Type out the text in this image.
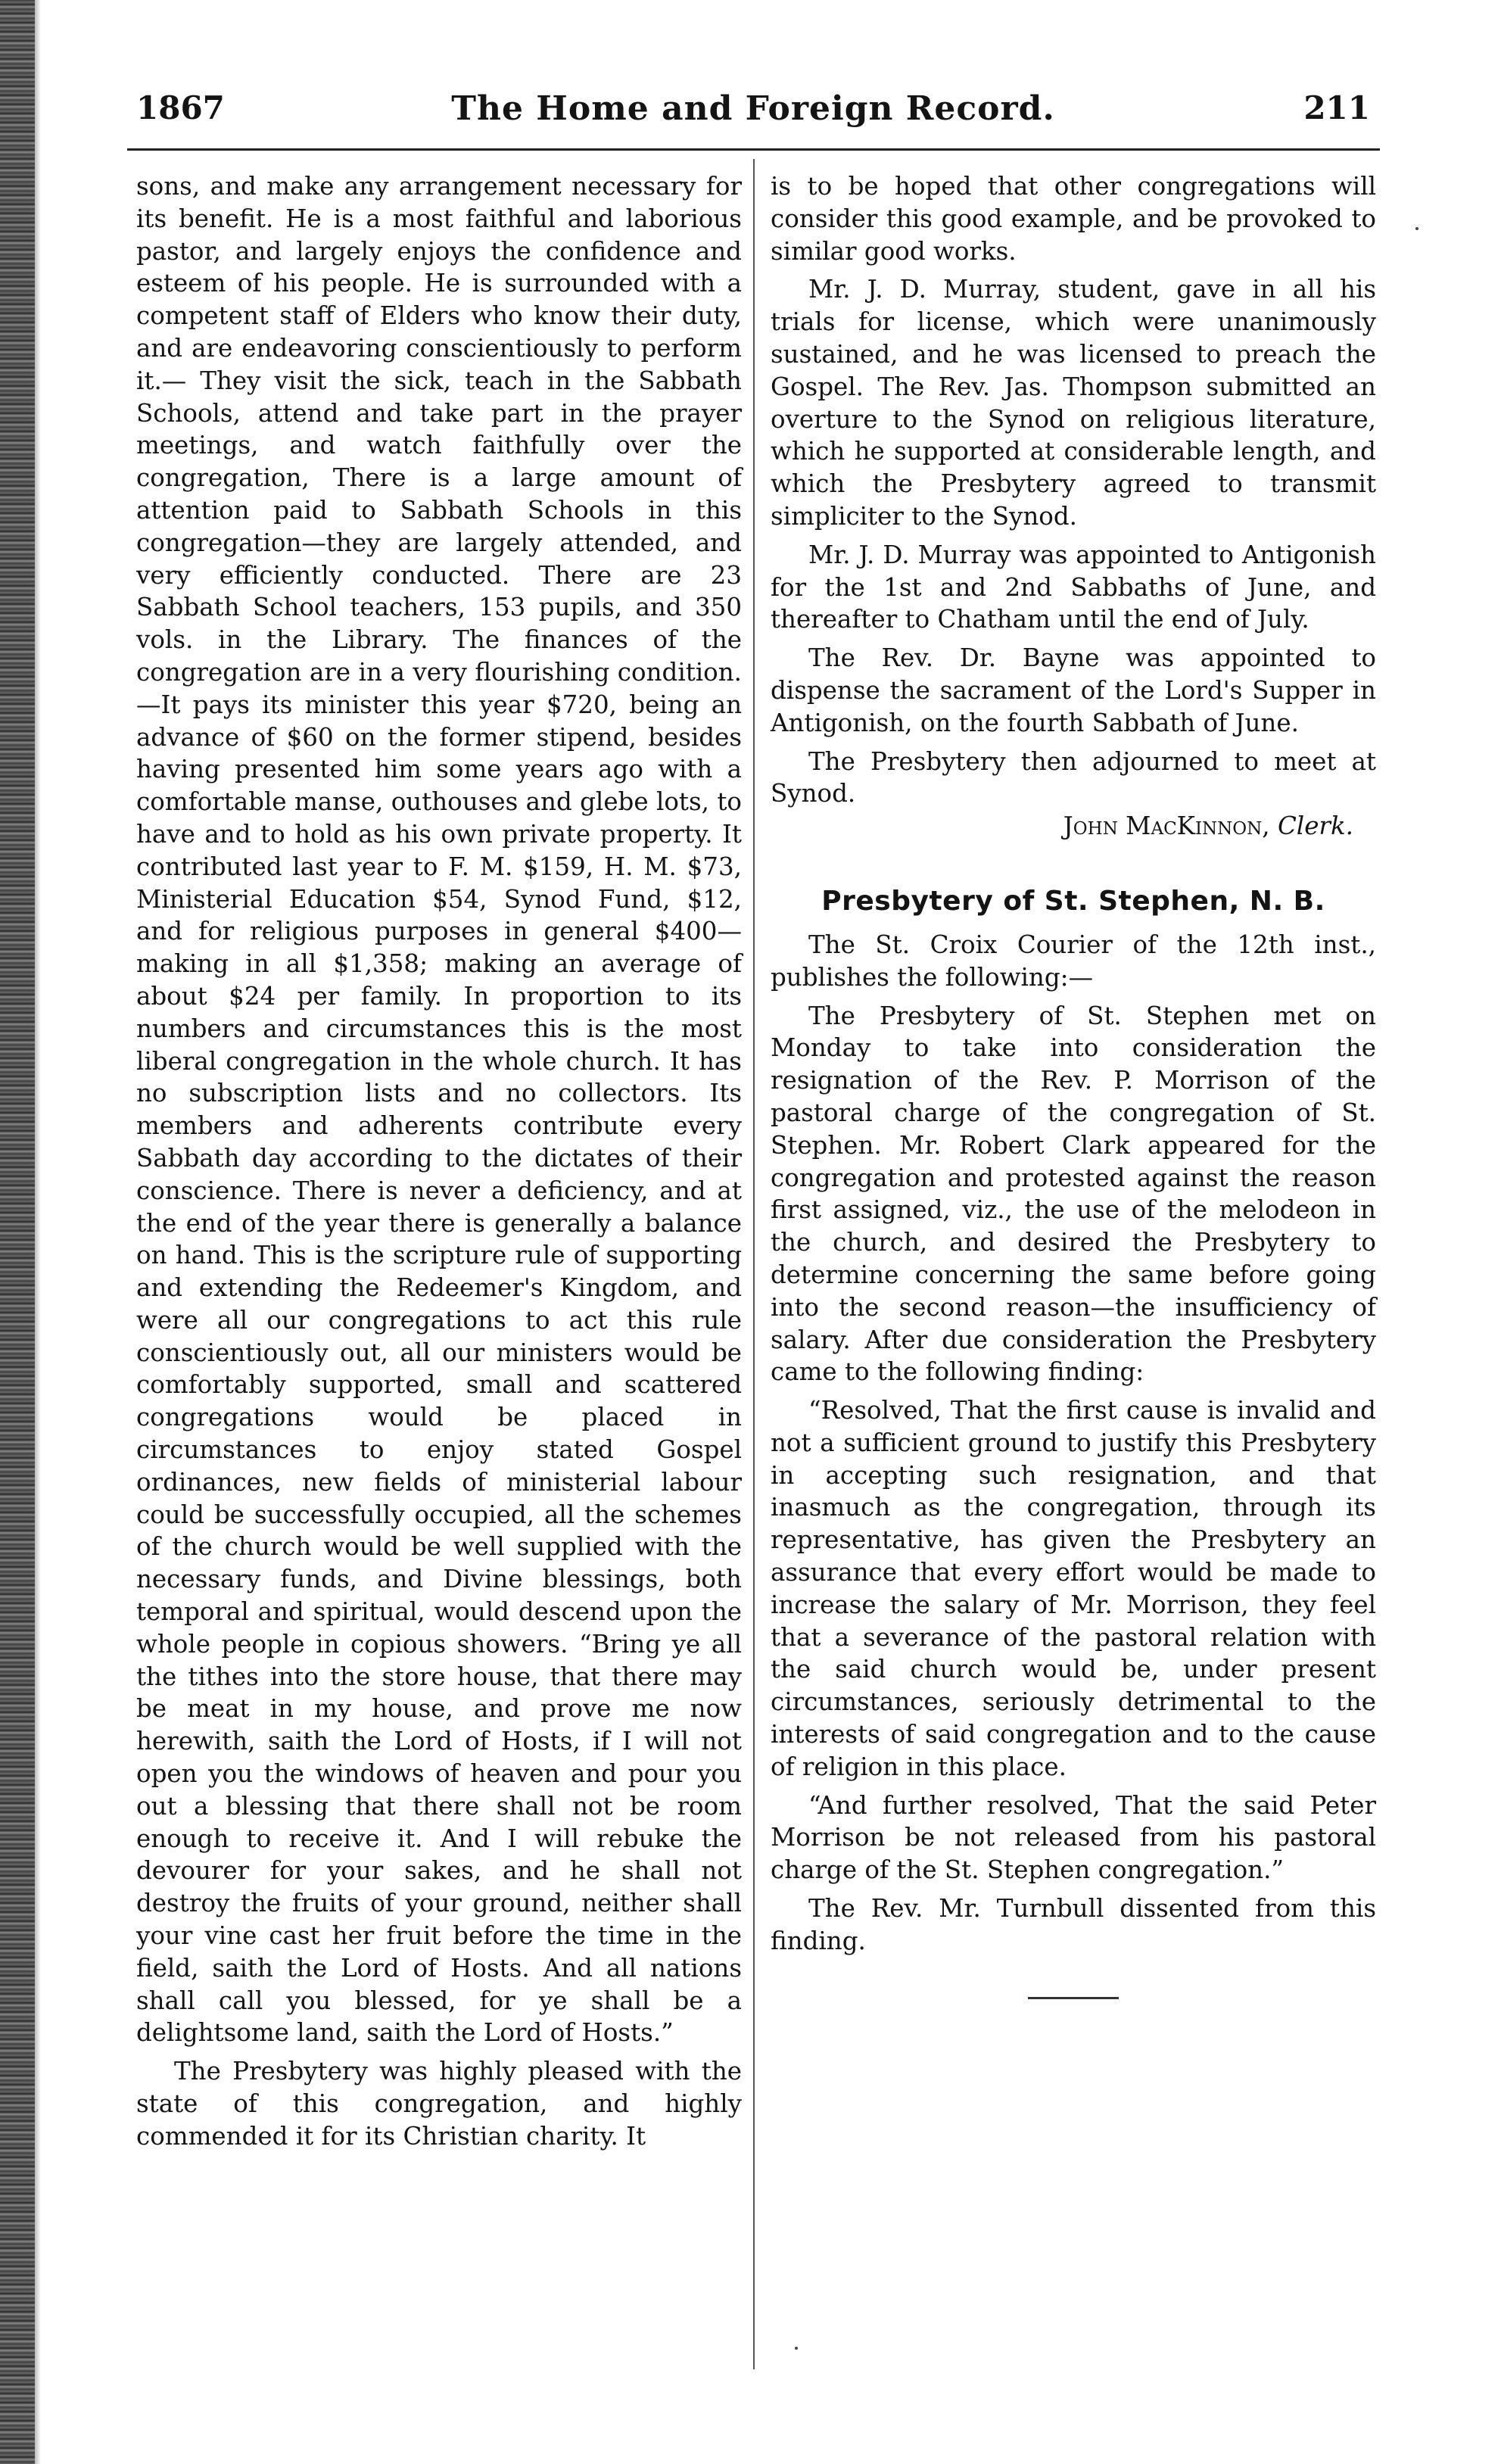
1867	The Home and Foreign Record.	211

sons, and make any arrangement necessary for its benefit. He is a most faithful and laborious pastor, and largely enjoys the confidence and esteem of his people. He is surrounded with a competent staff of Elders who know their duty, and are endeavoring conscientiously to perform it.— They visit the sick, teach in the Sabbath Schools, attend and take part in the prayer meetings, and watch faithfully over the congregation, There is a large amount of attention paid to Sabbath Schools in this congregation—they are largely attended, and very efficiently conducted. There are 23 Sabbath School teachers, 153 pupils, and 350 vols. in the Library. The finances of the congregation are in a very flourishing condition.—It pays its minister this year $720, being an advance of $60 on the former stipend, besides having presented him some years ago with a comfortable manse, outhouses and glebe lots, to have and to hold as his own private property. It contributed last year to F. M. $159, H. M. $73, Ministerial Education $54, Synod Fund, $12, and for religious purposes in general $400—making in all $1,358; making an average of about $24 per family. In proportion to its numbers and circumstances this is the most liberal congregation in the whole church. It has no subscription lists and no collectors. Its members and adherents contribute every Sabbath day according to the dictates of their conscience. There is never a deficiency, and at the end of the year there is generally a balance on hand. This is the scripture rule of supporting and extending the Redeemer's Kingdom, and were all our congregations to act this rule conscientiously out, all our ministers would be comfortably supported, small and scattered congregations would be placed in circumstances to enjoy stated Gospel ordinances, new fields of ministerial labour could be successfully occupied, all the schemes of the church would be well supplied with the necessary funds, and Divine blessings, both temporal and spiritual, would descend upon the whole people in copious showers. “Bring ye all the tithes into the store house, that there may be meat in my house, and prove me now herewith, saith the Lord of Hosts, if I will not open you the windows of heaven and pour you out a blessing that there shall not be room enough to receive it. And I will rebuke the devourer for your sakes, and he shall not destroy the fruits of your ground, neither shall your vine cast her fruit before the time in the field, saith the Lord of Hosts. And all nations shall call you blessed, for ye shall be a delightsome land, saith the Lord of Hosts.”

The Presbytery was highly pleased with the state of this congregation, and highly commended it for its Christian charity. It

is to be hoped that other congregations will consider this good example, and be provoked to similar good works.

Mr. J. D. Murray, student, gave in all his trials for license, which were unanimously sustained, and he was licensed to preach the Gospel. The Rev. Jas. Thompson submitted an overture to the Synod on religious literature, which he supported at considerable length, and which the Presbytery agreed to transmit simpliciter to the Synod.

Mr. J. D. Murray was appointed to Antigonish for the 1st and 2nd Sabbaths of June, and thereafter to Chatham until the end of July.

The Rev. Dr. Bayne was appointed to dispense the sacrament of the Lord's Supper in Antigonish, on the fourth Sabbath of June.

The Presbytery then adjourned to meet at Synod.

John MacKinnon, Clerk.

Presbytery of St. Stephen, N. B.

The St. Croix Courier of the 12th inst., publishes the following:—

The Presbytery of St. Stephen met on Monday to take into consideration the resignation of the Rev. P. Morrison of the pastoral charge of the congregation of St. Stephen. Mr. Robert Clark appeared for the congregation and protested against the reason first assigned, viz., the use of the melodeon in the church, and desired the Presbytery to determine concerning the same before going into the second reason—the insufficiency of salary. After due consideration the Presbytery came to the following finding:

“Resolved, That the first cause is invalid and not a sufficient ground to justify this Presbytery in accepting such resignation, and that inasmuch as the congregation, through its representative, has given the Presbytery an assurance that every effort would be made to increase the salary of Mr. Morrison, they feel that a severance of the pastoral relation with the said church would be, under present circumstances, seriously detrimental to the interests of said congregation and to the cause of religion in this place.

“And further resolved, That the said Peter Morrison be not released from his pastoral charge of the St. Stephen congregation.”

The Rev. Mr. Turnbull dissented from this finding.
